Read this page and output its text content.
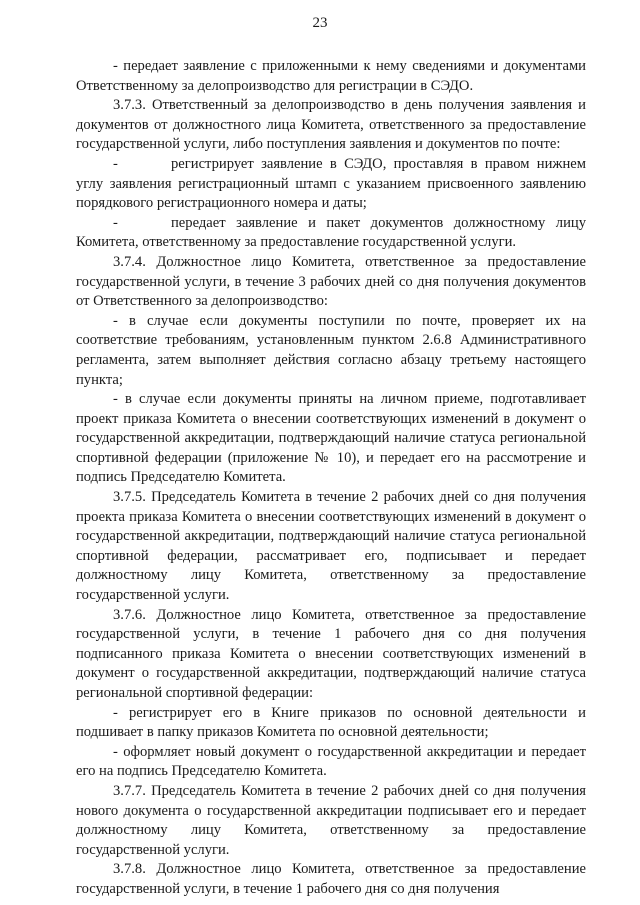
23

- передает заявление с приложенными к нему сведениями и документами Ответственному за делопроизводство для регистрации в СЭДО.

3.7.3. Ответственный за делопроизводство в день получения заявления и документов от должностного лица Комитета, ответственного за предоставление государственной услуги, либо поступления заявления и документов по почте:

-	регистрирует заявление в СЭДО, проставляя в правом нижнем углу заявления регистрационный штамп с указанием присвоенного заявлению порядкового регистрационного номера и даты;

-	передает заявление и пакет документов должностному лицу Комитета, ответственному за предоставление государственной услуги.

3.7.4. Должностное лицо Комитета, ответственное за предоставление государственной услуги, в течение 3 рабочих дней со дня получения документов от Ответственного за делопроизводство:

- в случае если документы поступили по почте, проверяет их на соответствие требованиям, установленным пунктом 2.6.8 Административного регламента, затем выполняет действия согласно абзацу третьему настоящего пункта;

- в случае если документы приняты на личном приеме, подготавливает проект приказа Комитета о внесении соответствующих изменений в документ о государственной аккредитации, подтверждающий наличие статуса региональной спортивной федерации (приложение № 10), и передает его на рассмотрение и подпись Председателю Комитета.

3.7.5. Председатель Комитета в течение 2 рабочих дней со дня получения проекта приказа Комитета о внесении соответствующих изменений в документ о государственной аккредитации, подтверждающий наличие статуса региональной спортивной федерации, рассматривает его, подписывает и передает должностному лицу Комитета, ответственному за предоставление государственной услуги.

3.7.6. Должностное лицо Комитета, ответственное за предоставление государственной услуги, в течение 1 рабочего дня со дня получения подписанного приказа Комитета о внесении соответствующих изменений в документ о государственной аккредитации, подтверждающий наличие статуса региональной спортивной федерации:

- регистрирует его в Книге приказов по основной деятельности и подшивает в папку приказов Комитета по основной деятельности;

- оформляет новый документ о государственной аккредитации и передает его на подпись Председателю Комитета.

3.7.7. Председатель Комитета в течение 2 рабочих дней со дня получения нового документа о государственной аккредитации подписывает его и передает должностному лицу Комитета, ответственному за предоставление государственной услуги.

3.7.8. Должностное лицо Комитета, ответственное за предоставление государственной услуги, в течение 1 рабочего дня со дня получения
